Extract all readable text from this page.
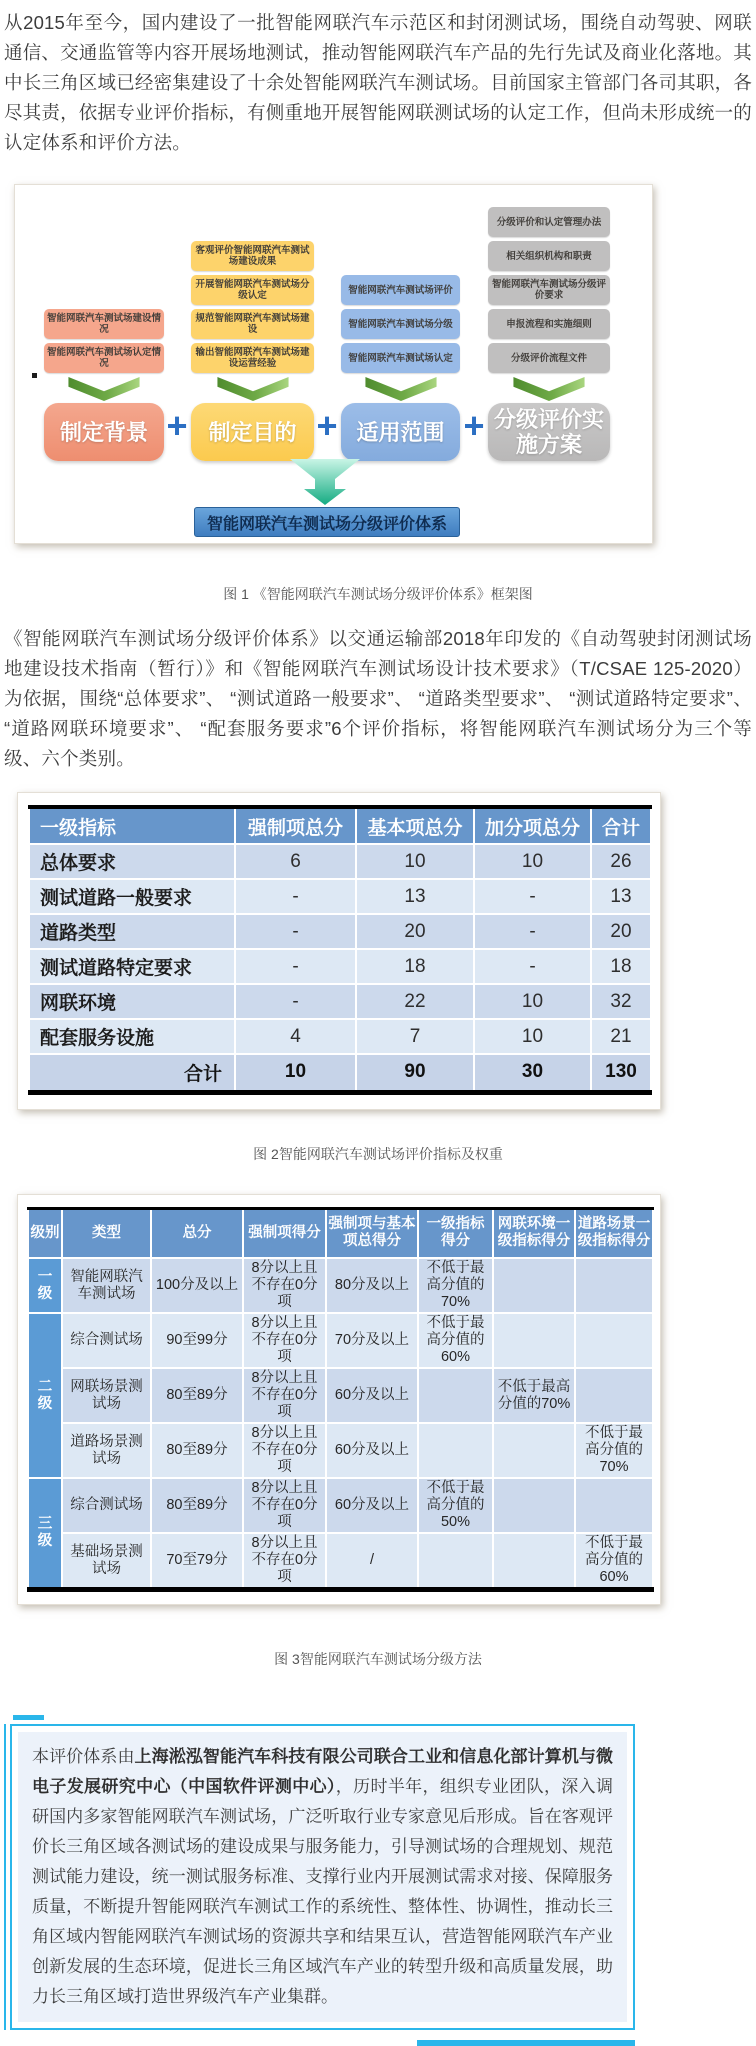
从2015年至今，国内建设了一批智能网联汽车示范区和封闭测试场，围绕自动驾驶、网联通信、交通监管等内容开展场地测试，推动智能网联汽车产品的先行先试及商业化落地。其中长三角区域已经密集建设了十余处智能网联汽车测试场。目前国家主管部门各司其职，各尽其责，依据专业评价指标，有侧重地开展智能网联测试场的认定工作，但尚未形成统一的认定体系和评价方法。

智能网联汽车测试场建设情况
智能网联汽车测试场认定情况
制定背景
客观评价智能网联汽车测试场建设成果
开展智能网联汽车测试场分级认定
规范智能网联汽车测试场建设
输出智能网联汽车测试场建设运营经验
制定目的
智能网联汽车测试场评价
智能网联汽车测试场分级
智能网联汽车测试场认定
适用范围
分级评价和认定管理办法
相关组织机构和职责
智能网联汽车测试场分级评价要求
申报流程和实施细则
分级评价流程文件
分级评价实施方案
+	+	+
智能网联汽车测试场分级评价体系
图 1 《智能网联汽车测试场分级评价体系》框架图

《智能网联汽车测试场分级评价体系》以交通运输部2018年印发的《自动驾驶封闭测试场地建设技术指南（暂行）》和《智能网联汽车测试场设计技术要求》（T/CSAE 125-2020）为依据，围绕“总体要求”、 “测试道路一般要求”、 “道路类型要求”、 “测试道路特定要求”、 “道路网联环境要求”、 “配套服务要求”6个评价指标，将智能网联汽车测试场分为三个等级、六个类别。

一级指标	强制项总分	基本项总分	加分项总分	合计
总体要求	6	10	10	26
测试道路一般要求	-	13	-	13
道路类型	-	20	-	20
测试道路特定要求	-	18	-	18
网联环境	-	22	10	32
配套服务设施	4	7	10	21
合计	10	90	30	130
图 2智能网联汽车测试场评价指标及权重
级别	类型	总分	强制项得分	强制项与基本项总得分	一级指标得分	网联环境一级指标得分	道路场景一级指标得分
一级	智能网联汽车测试场	100分及以上	8分以上且不存在0分项	80分及以上	不低于最高分值的70%		
二级	综合测试场	90至99分	8分以上且不存在0分项	70分及以上	不低于最高分值的60%		
	网联场景测试场	80至89分	8分以上且不存在0分项	60分及以上		不低于最高分值的70%	
	道路场景测试场	80至89分	8分以上且不存在0分项	60分及以上			不低于最高分值的70%
三级	综合测试场	80至89分	8分以上且不存在0分项	60分及以上	不低于最高分值的50%		
	基础场景测试场	70至79分	8分以上且不存在0分项	/			不低于最高分值的60%
图 3智能网联汽车测试场分级方法
本评价体系由上海淞泓智能汽车科技有限公司联合工业和信息化部计算机与微电子发展研究中心（中国软件评测中心），历时半年，组织专业团队，深入调研国内多家智能网联汽车测试场，广泛听取行业专家意见后形成。旨在客观评价长三角区域各测试场的建设成果与服务能力，引导测试场的合理规划、规范测试能力建设，统一测试服务标准、支撑行业内开展测试需求对接、保障服务质量，不断提升智能网联汽车测试工作的系统性、整体性、协调性，推动长三角区域内智能网联汽车测试场的资源共享和结果互认，营造智能网联汽车产业创新发展的生态环境，促进长三角区域汽车产业的转型升级和高质量发展，助力长三角区域打造世界级汽车产业集群。
